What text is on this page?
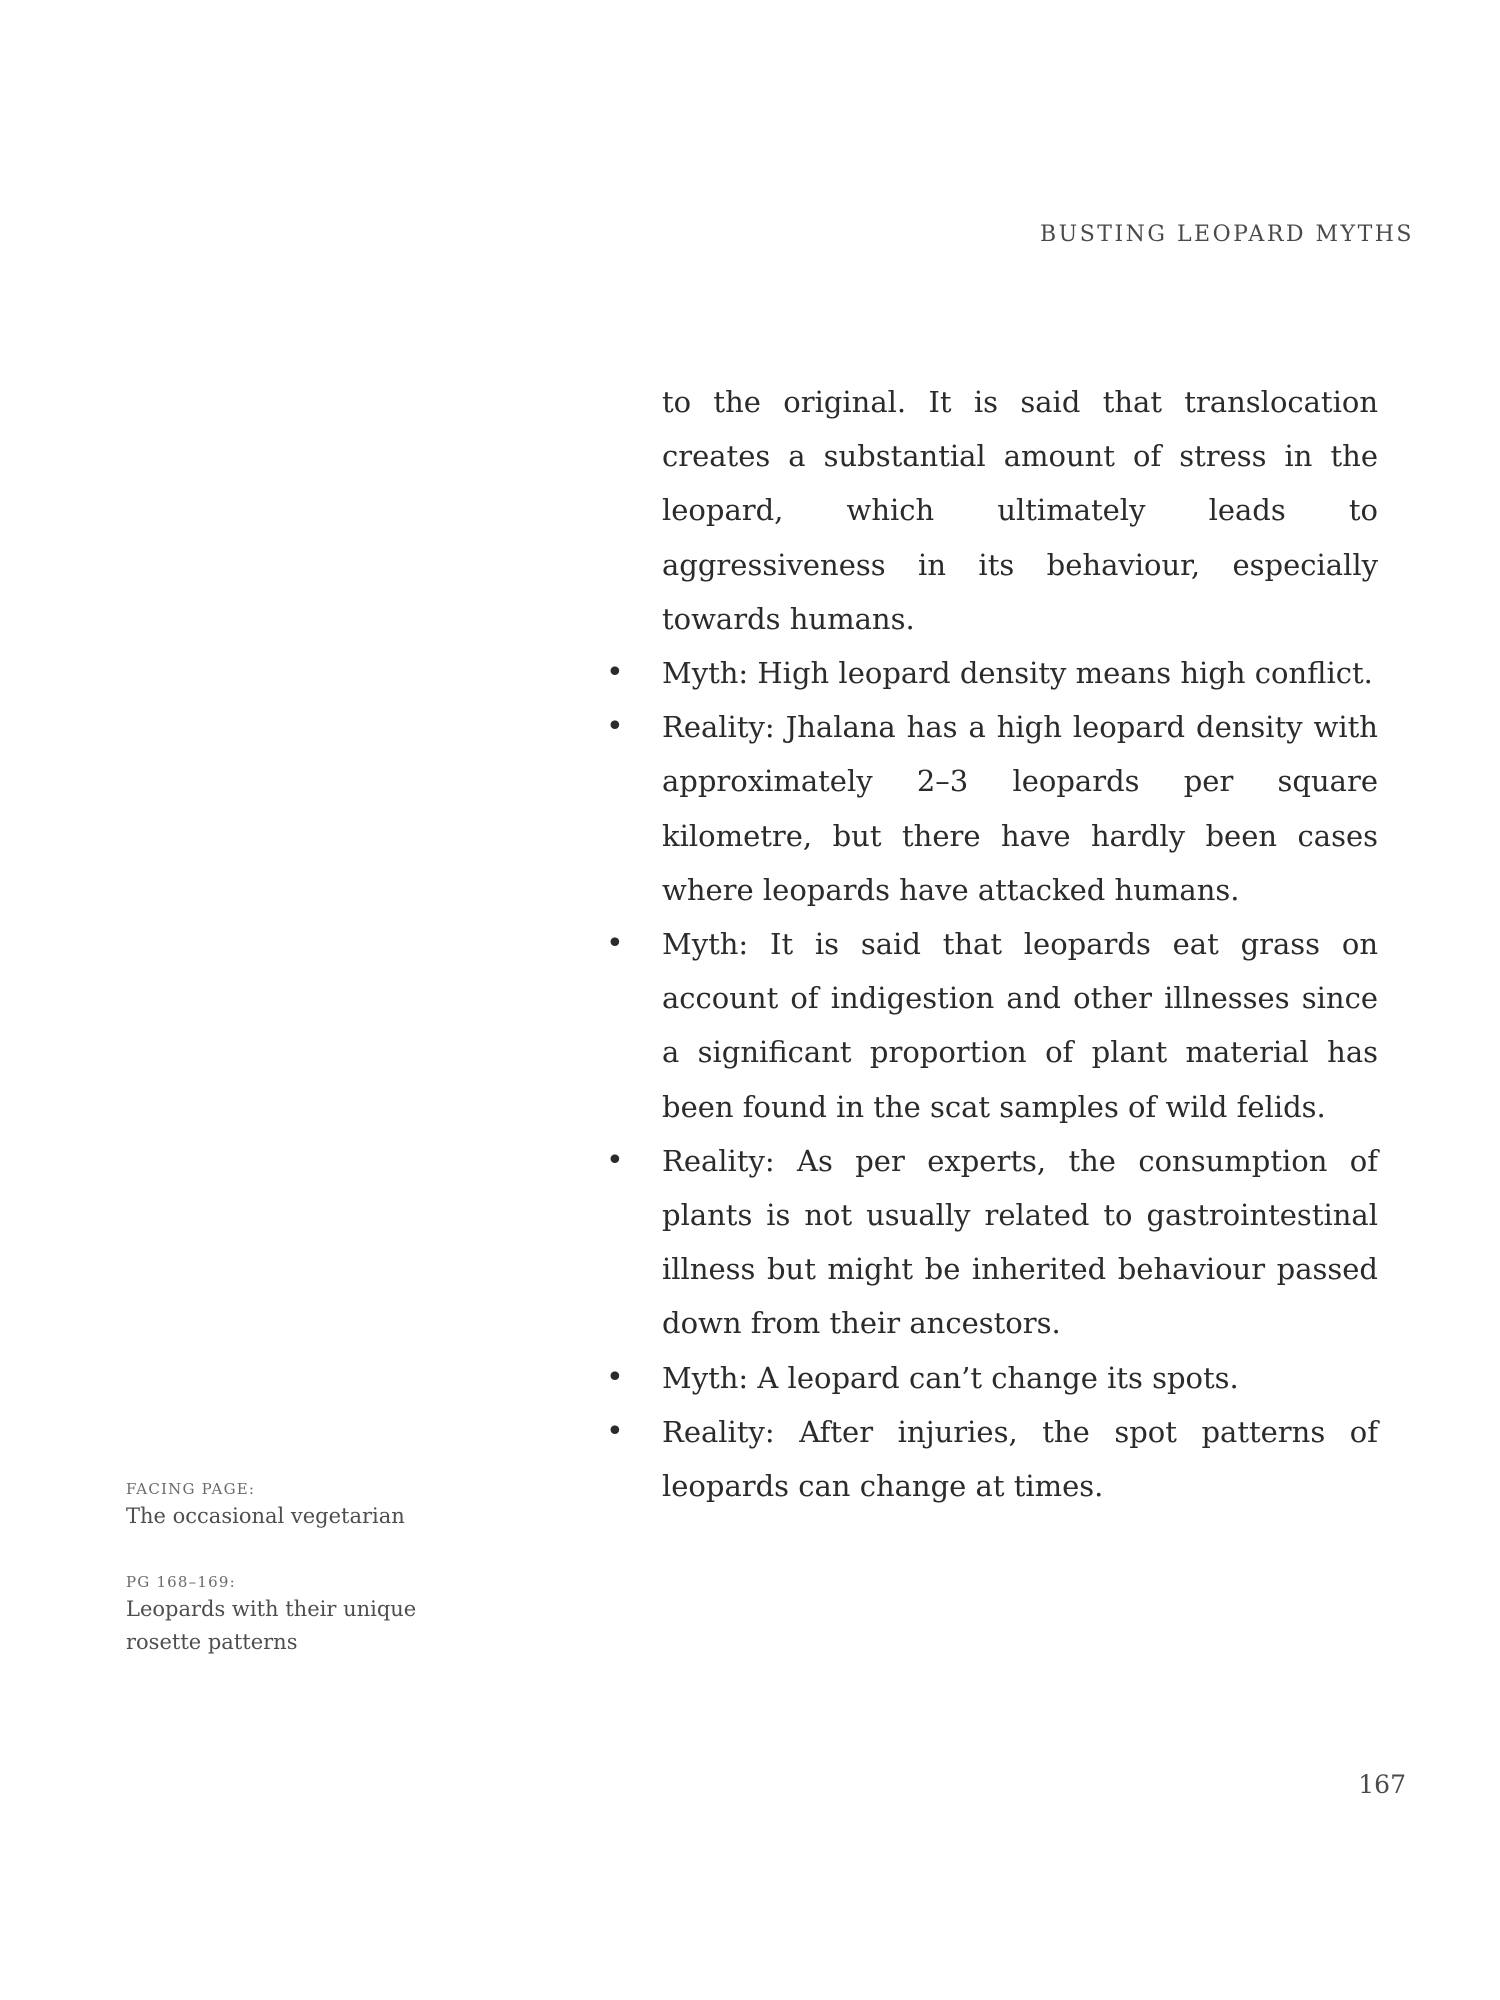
BUSTING LEOPARD MYTHS

to the original. It is said that translocation creates a substantial amount of stress in the leopard, which ultimately leads to aggressiveness in its behaviour, especially towards humans.

• Myth: High leopard density means high conflict.
• Reality: Jhalana has a high leopard density with approximately 2–3 leopards per square kilometre, but there have hardly been cases where leopards have attacked humans.
• Myth: It is said that leopards eat grass on account of indigestion and other illnesses since a significant proportion of plant material has been found in the scat samples of wild felids.
• Reality: As per experts, the consumption of plants is not usually related to gastrointestinal illness but might be inherited behaviour passed down from their ancestors.
• Myth: A leopard can’t change its spots.
• Reality: After injuries, the spot patterns of leopards can change at times.
FACING PAGE:
The occasional vegetarian
PG 168–169:
Leopards with their unique rosette patterns
167
